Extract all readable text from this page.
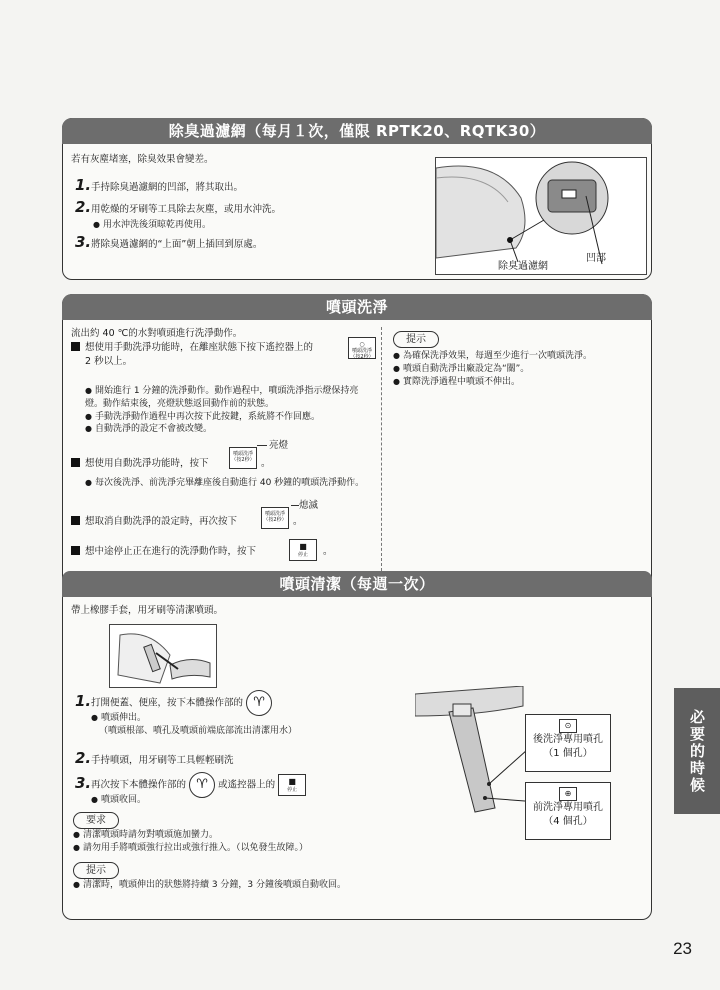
除臭過濾網（每月１次，僅限 RPTK20、RQTK30）
若有灰塵堵塞，除臭效果會變差。
1.手持除臭過濾網的凹部，將其取出。
2.用乾燥的牙刷等工具除去灰塵，或用水沖洗。
● 用水沖洗後須晾乾再使用。
3.將除臭過濾網的“上面”朝上插回到原處。
凹部
除臭過濾網
噴頭洗淨
流出約 40 ℃的水對噴頭進行洗淨動作。
想使用手動洗淨功能時，在離座狀態下按下遙控器上的	○
噴頭洗淨（按2秒）
2 秒以上。
● 開始進行 1 分鐘的洗淨動作。動作過程中，噴頭洗淨指示燈保持亮燈。動作結束後，亮燈狀態返回動作前的狀態。
● 手動洗淨動作過程中再次按下此按鍵，系統將不作回應。
● 自動洗淨的設定不會被改變。
想使用自動洗淨功能時，按下
噴頭洗淨（按2秒） 。
亮燈
● 每次後洗淨、前洗淨完畢離座後自動進行 40 秒鐘的噴頭洗淨動作。
想取消自動洗淨的設定時，再次按下
噴頭洗淨（按2秒） 。
熄滅
想中途停止正在進行的洗淨動作時，按下	■
停止	。
提示
● 為確保洗淨效果，每週至少進行一次噴頭洗淨。
● 噴頭自動洗淨出廠設定為“關”。
● 實際洗淨過程中噴頭不伸出。
噴頭清潔（每週一次）
帶上橡膠手套，用牙刷等清潔噴頭。
1.打開便蓋、便座，按下本體操作部的 ♈
● 噴頭伸出。
（噴頭根部、噴孔及噴頭前端底部流出清潔用水）
2.手持噴頭，用牙刷等工具輕輕刷洗
3.再次按下本體操作部的 ♈ 或遙控器上的	■
停止
● 噴頭收回。
要求
● 清潔噴頭時請勿對噴頭施加蠻力。
● 請勿用手將噴頭強行拉出或強行推入。（以免發生故障。）
提示
● 清潔時，噴頭伸出的狀態將持續 3 分鐘，3 分鐘後噴頭自動收回。
⊙
後洗淨專用噴孔
（1 個孔）
⊕
前洗淨專用噴孔
（4 個孔）
必要的時候
23
